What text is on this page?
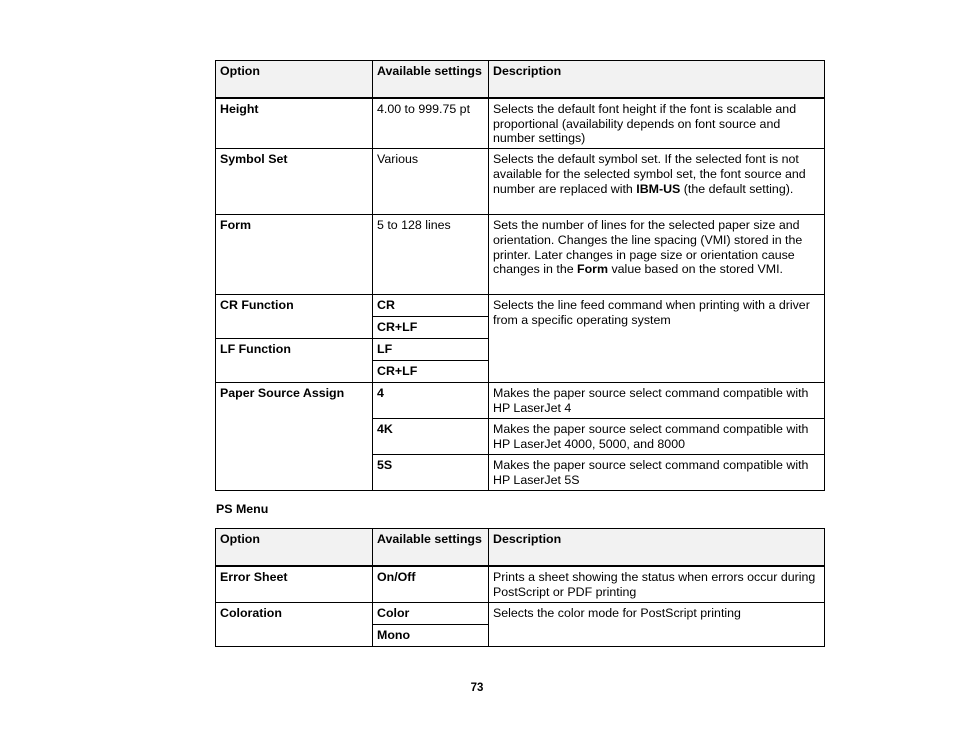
Option	Available settings	Description
Height	4.00 to 999.75 pt	Selects the default font height if the font is scalable and proportional (availability depends on font source and number settings)
Symbol Set	Various	Selects the default symbol set. If the selected font is not available for the selected symbol set, the font source and number are replaced with IBM-US (the default setting).
Form	5 to 128 lines	Sets the number of lines for the selected paper size and orientation. Changes the line spacing (VMI) stored in the printer. Later changes in page size or orientation cause changes in the Form value based on the stored VMI.
CR Function	CR	Selects the line feed command when printing with a driver from a specific operating system
	CR+LF	
LF Function	LF	
	CR+LF	
Paper Source Assign	4	Makes the paper source select command compatible with HP LaserJet 4
	4K	Makes the paper source select command compatible with HP LaserJet 4000, 5000, and 8000
	5S	Makes the paper source select command compatible with HP LaserJet 5S
PS Menu
Option	Available settings	Description
Error Sheet	On/Off	Prints a sheet showing the status when errors occur during PostScript or PDF printing
Coloration	Color	Selects the color mode for PostScript printing
	Mono	
73
